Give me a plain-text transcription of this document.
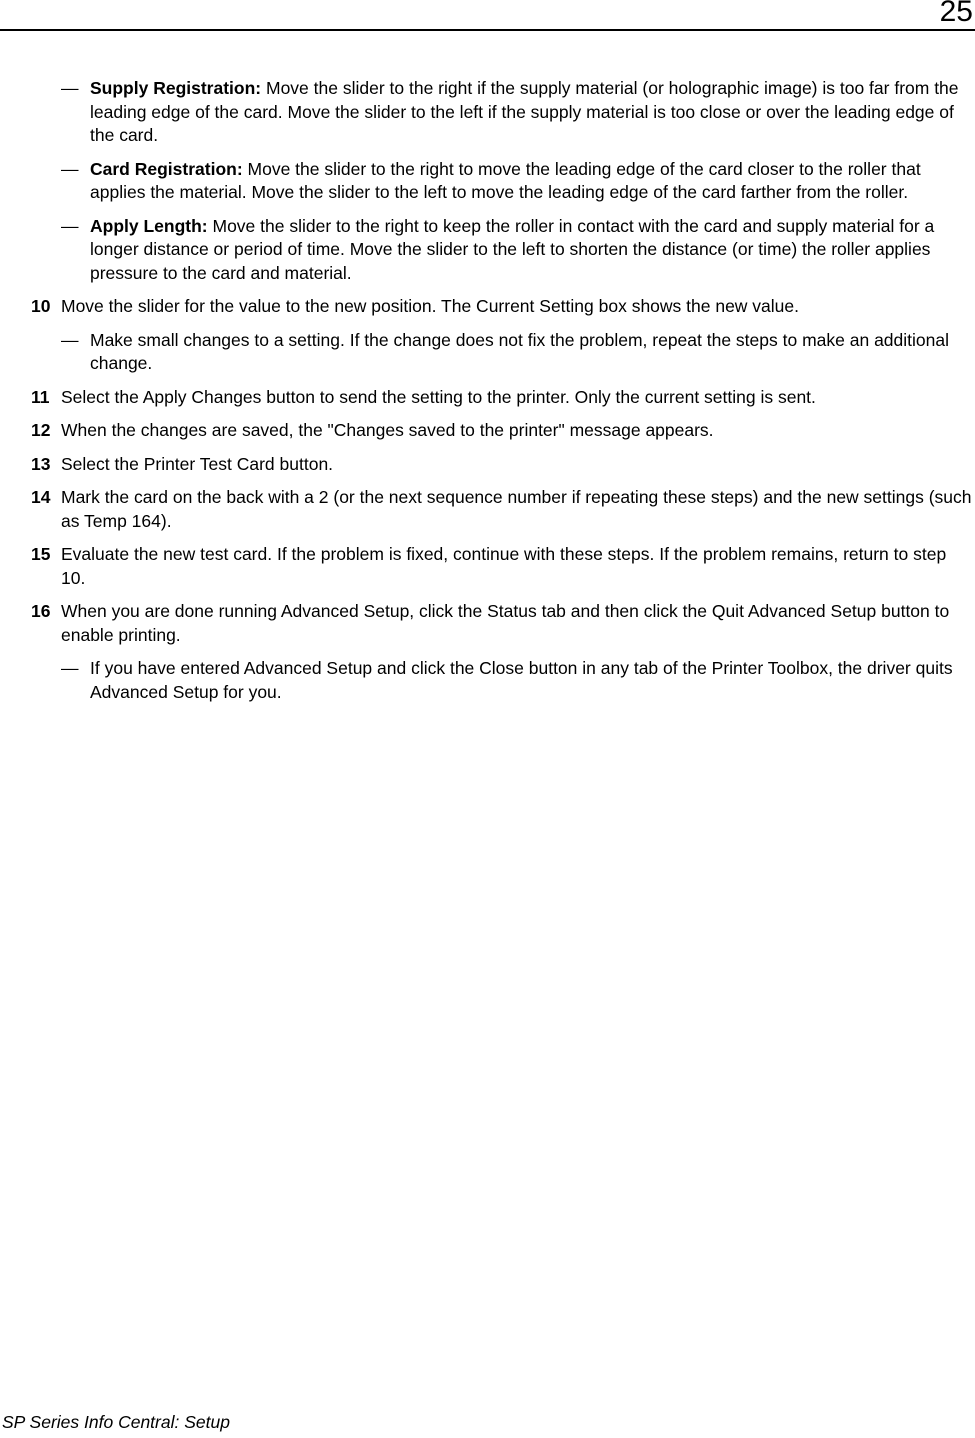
25
— Supply Registration: Move the slider to the right if the supply material (or holographic image) is too far from the leading edge of the card. Move the slider to the left if the supply material is too close or over the leading edge of the card.
— Card Registration: Move the slider to the right to move the leading edge of the card closer to the roller that applies the material. Move the slider to the left to move the leading edge of the card farther from the roller.
— Apply Length: Move the slider to the right to keep the roller in contact with the card and supply material for a longer distance or period of time. Move the slider to the left to shorten the distance (or time) the roller applies pressure to the card and material.
10 Move the slider for the value to the new position. The Current Setting box shows the new value.
— Make small changes to a setting. If the change does not fix the problem, repeat the steps to make an additional change.
11 Select the Apply Changes button to send the setting to the printer. Only the current setting is sent.
12 When the changes are saved, the "Changes saved to the printer" message appears.
13 Select the Printer Test Card button.
14 Mark the card on the back with a 2 (or the next sequence number if repeating these steps) and the new settings (such as Temp 164).
15 Evaluate the new test card. If the problem is fixed, continue with these steps. If the problem remains, return to step 10.
16 When you are done running Advanced Setup, click the Status tab and then click the Quit Advanced Setup button to enable printing.
— If you have entered Advanced Setup and click the Close button in any tab of the Printer Toolbox, the driver quits Advanced Setup for you.
SP Series Info Central: Setup
